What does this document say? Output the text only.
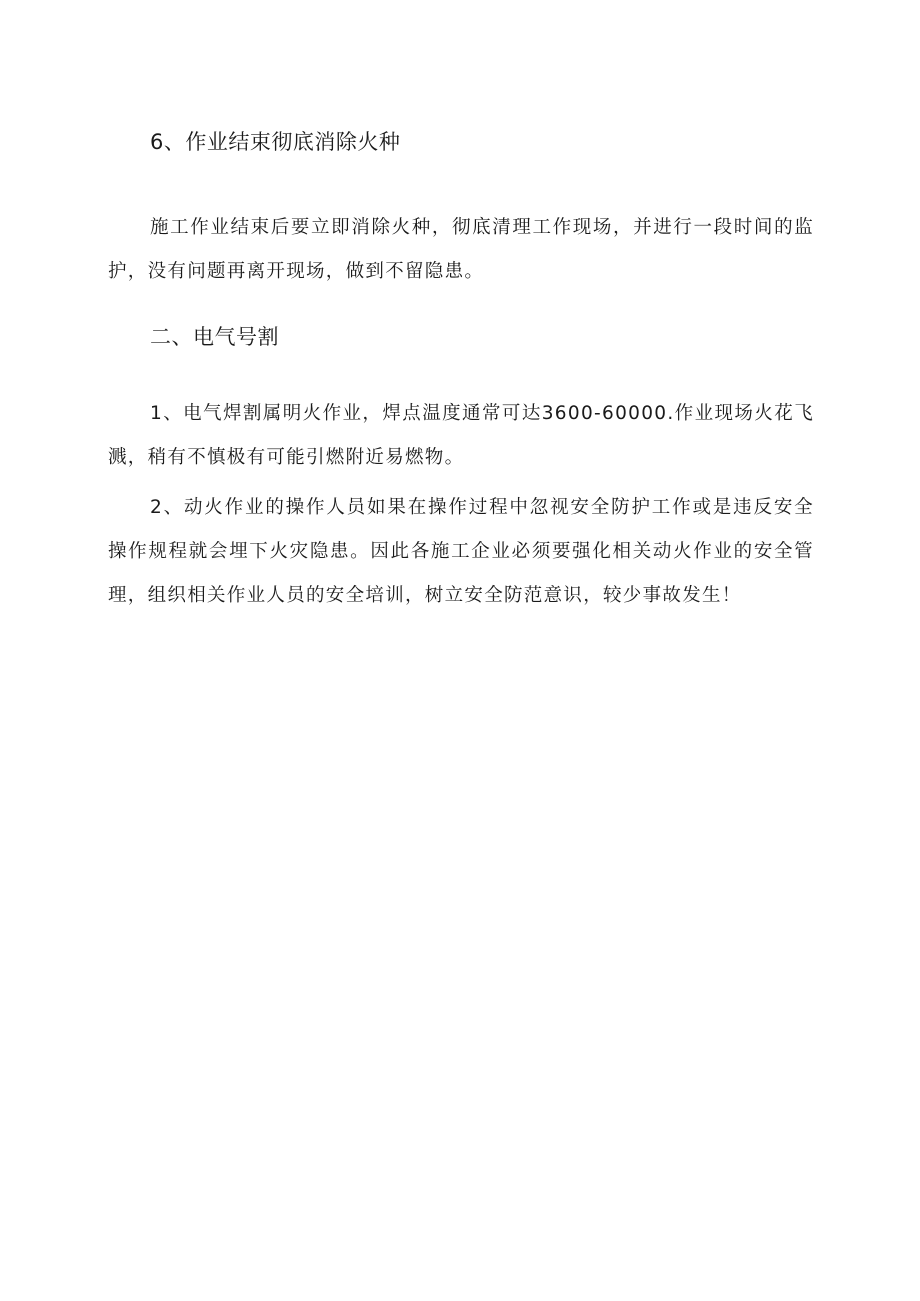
6、作业结束彻底消除火种

施工作业结束后要立即消除火种，彻底清理工作现场，并进行一段时间的监护，没有问题再离开现场，做到不留隐患。

二、电气号割

1、电气焊割属明火作业，焊点温度通常可达3600-60000.作业现场火花飞溅，稍有不慎极有可能引燃附近易燃物。

2、动火作业的操作人员如果在操作过程中忽视安全防护工作或是违反安全操作规程就会埋下火灾隐患。因此各施工企业必须要强化相关动火作业的安全管理，组织相关作业人员的安全培训，树立安全防范意识，较少事故发生！
